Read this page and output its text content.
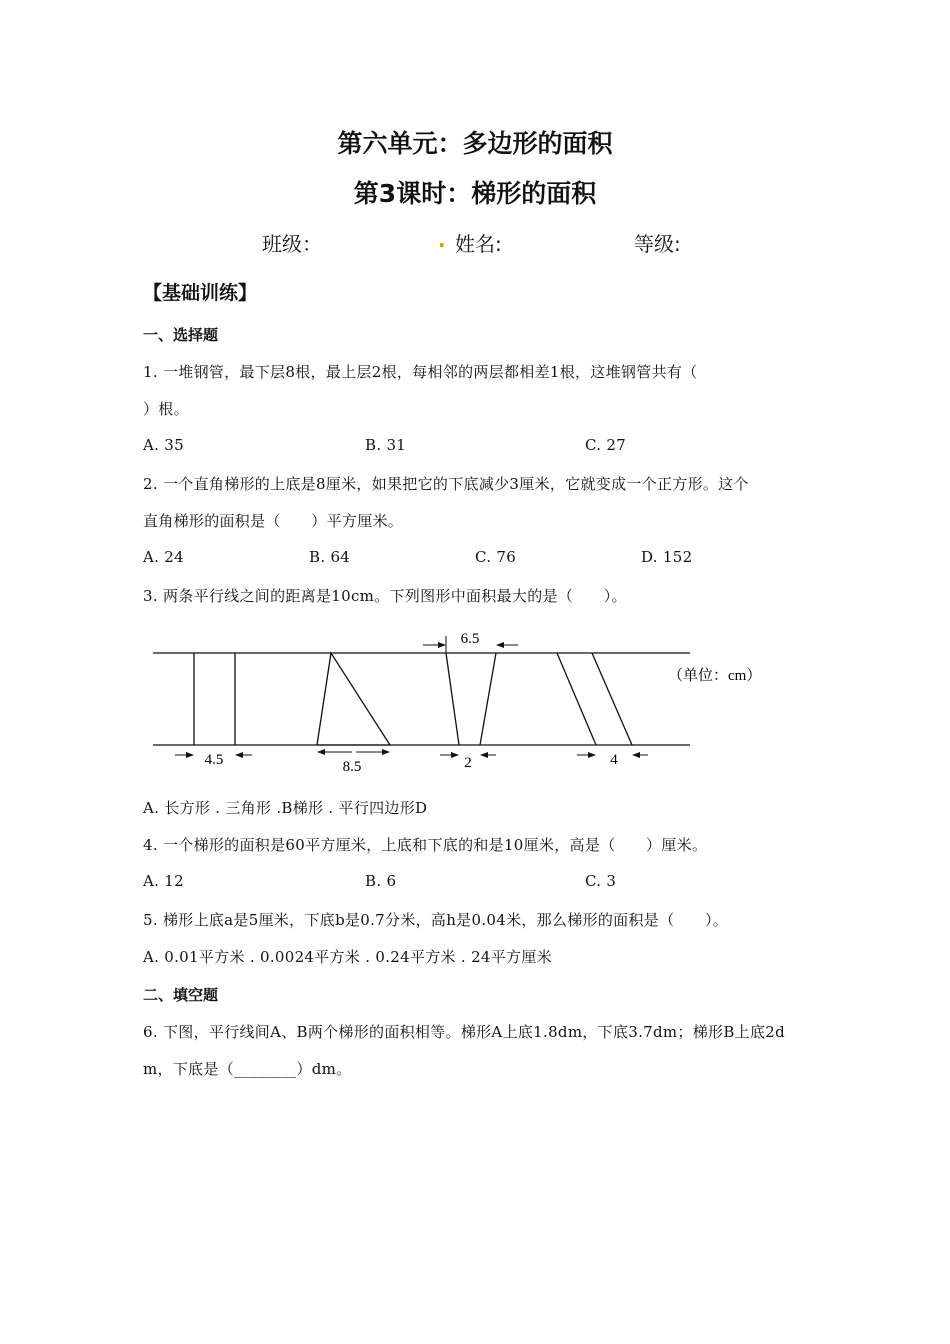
第六单元：多边形的面积
第3课时：梯形的面积
班级：	. 姓名:	等级:
【基础训练】
一、选择题
1. 一堆钢管，最下层8根，最上层2根，每相邻的两层都相差1根，这堆钢管共有（
）根。
A. 35	B. 31	C. 27
2. 一个直角梯形的上底是8厘米，如果把它的下底减少3厘米，它就变成一个正方形。这个
直角梯形的面积是（　　）平方厘米。
A. 24	B. 64	C. 76	D. 152
3. 两条平行线之间的距离是10cm。下列图形中面积最大的是（　　）。
4.5	8.5
6.5
2	4
（单位：cm）
A. 长方形 . 三角形 .B梯形 . 平行四边形D
4. 一个梯形的面积是60平方厘米，上底和下底的和是10厘米，高是（　　）厘米。
A. 12	B. 6	C. 3
5. 梯形上底a是5厘米，下底b是0.7分米，高h是0.04米，那么梯形的面积是（　　）。
A. 0.01平方米 . 0.0024平方米 . 0.24平方米 . 24平方厘米
二、填空题
6. 下图，平行线间A、B两个梯形的面积相等。梯形A上底1.8dm，下底3.7dm；梯形B上底2d
m，下底是（________）dm。
